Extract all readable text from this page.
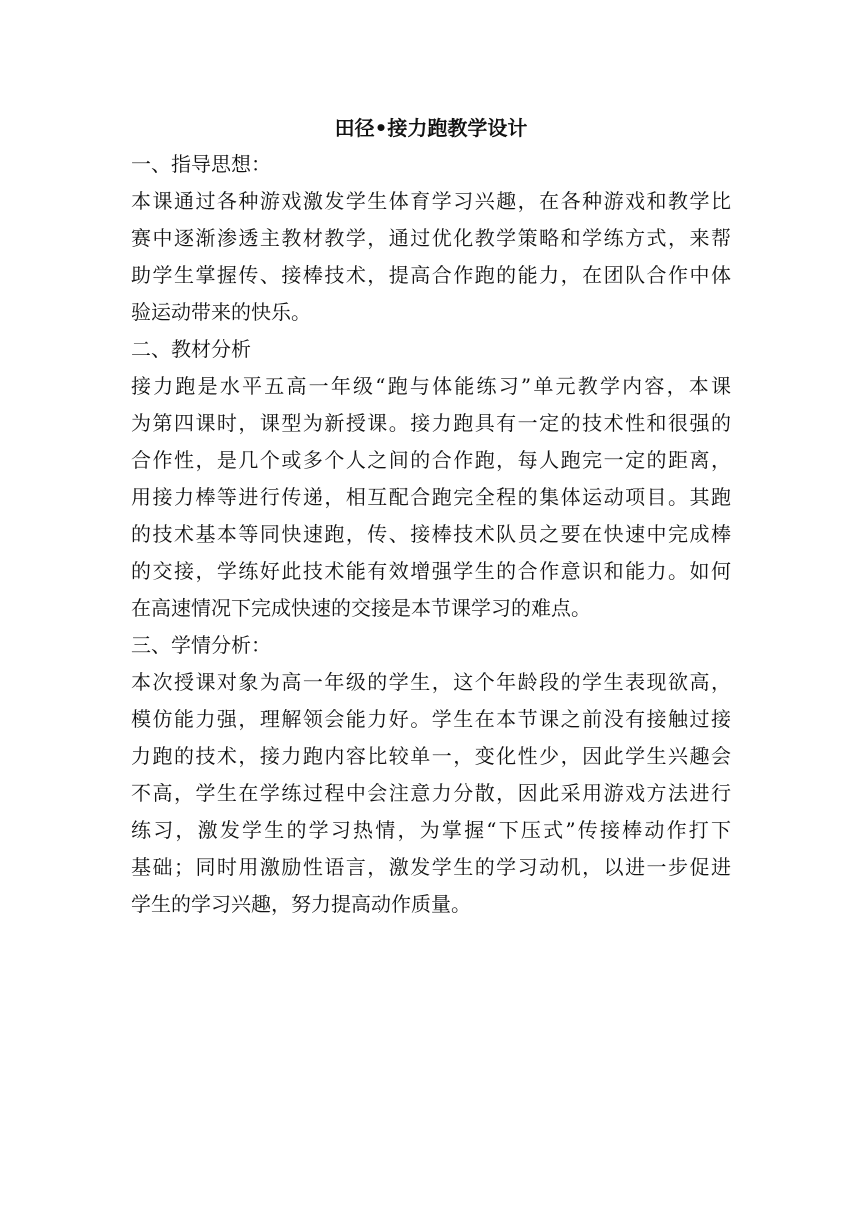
田径•接力跑教学设计

一、指导思想：

本课通过各种游戏激发学生体育学习兴趣，在各种游戏和教学比
赛中逐渐渗透主教材教学，通过优化教学策略和学练方式，来帮
助学生掌握传、接棒技术，提高合作跑的能力，在团队合作中体
验运动带来的快乐。

二、教材分析

接力跑是水平五高一年级“跑与体能练习”单元教学内容，本课
为第四课时，课型为新授课。接力跑具有一定的技术性和很强的
合作性，是几个或多个人之间的合作跑，每人跑完一定的距离，
用接力棒等进行传递，相互配合跑完全程的集体运动项目。其跑
的技术基本等同快速跑，传、接棒技术队员之要在快速中完成棒
的交接，学练好此技术能有效增强学生的合作意识和能力。如何
在高速情况下完成快速的交接是本节课学习的难点。

三、学情分析：

本次授课对象为高一年级的学生，这个年龄段的学生表现欲高，
模仿能力强，理解领会能力好。学生在本节课之前没有接触过接
力跑的技术，接力跑内容比较单一，变化性少，因此学生兴趣会
不高，学生在学练过程中会注意力分散，因此采用游戏方法进行
练习，激发学生的学习热情，为掌握“下压式”传接棒动作打下
基础；同时用激励性语言，激发学生的学习动机，以进一步促进
学生的学习兴趣，努力提高动作质量。
